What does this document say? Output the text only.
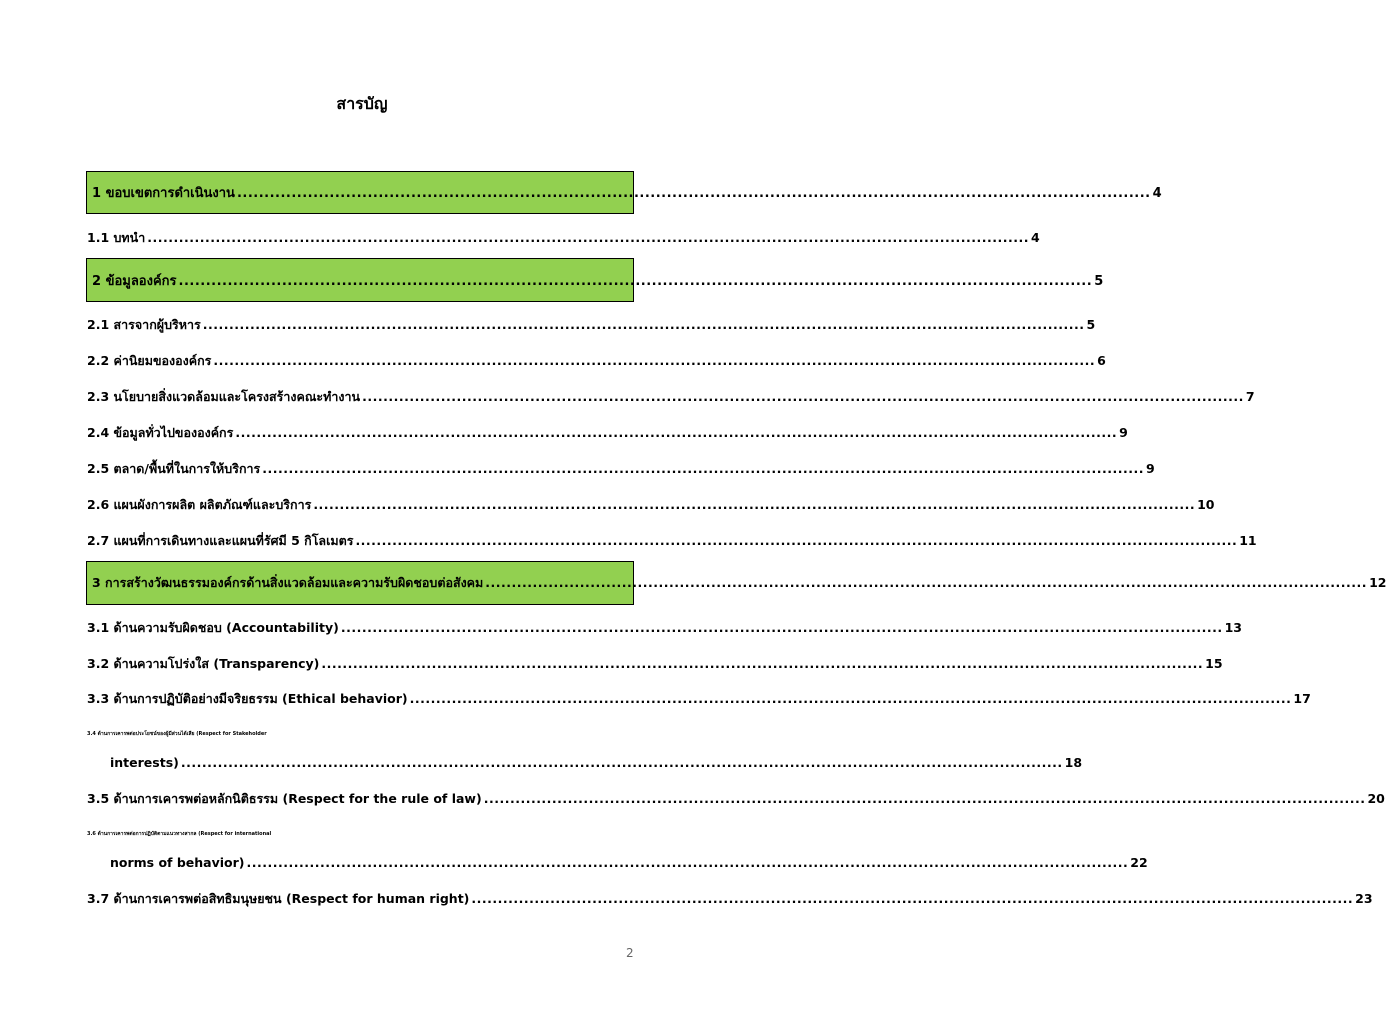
สารบัญ
1 ขอบเขตการดำเนินงาน ........................................................................................................................................................................ 4
1.1 บทนำ ........................................................................................................................................................................ 4
2 ข้อมูลองค์กร ........................................................................................................................................................................ 5
2.1 สารจากผู้บริหาร ........................................................................................................................................................................ 5
2.2 ค่านิยมขององค์กร ........................................................................................................................................................................ 6
2.3 นโยบายสิ่งแวดล้อมและโครงสร้างคณะทำงาน ........................................................................................................................................................................ 7
2.4 ข้อมูลทั่วไปขององค์กร ........................................................................................................................................................................ 9
2.5 ตลาด/พื้นที่ในการให้บริการ ........................................................................................................................................................................ 9
2.6 แผนผังการผลิต ผลิตภัณฑ์และบริการ ........................................................................................................................................................................ 10
2.7 แผนที่การเดินทางและแผนที่รัศมี 5 กิโลเมตร ........................................................................................................................................................................ 11
3 การสร้างวัฒนธรรมองค์กรด้านสิ่งแวดล้อมและความรับผิดชอบต่อสังคม ........................................................................................................................................................................ 12
3.1 ด้านความรับผิดชอบ (Accountability) ........................................................................................................................................................................ 13
3.2 ด้านความโปร่งใส (Transparency) ........................................................................................................................................................................ 15
3.3 ด้านการปฏิบัติอย่างมีจริยธรรม (Ethical behavior) ........................................................................................................................................................................ 17
3.4 ด้านการเคารพต่อประโยชน์ของผู้มีส่วนได้เสีย (Respect for Stakeholder
interests) ........................................................................................................................................................................ 18
3.5 ด้านการเคารพต่อหลักนิติธรรม (Respect for the rule of law) ........................................................................................................................................................................ 20
3.6 ด้านการเคารพต่อการปฏิบัติตามแนวทางสากล (Respect for international
norms of behavior) ........................................................................................................................................................................ 22
3.7 ด้านการเคารพต่อสิทธิมนุษยชน (Respect for human right) ........................................................................................................................................................................ 23
2
